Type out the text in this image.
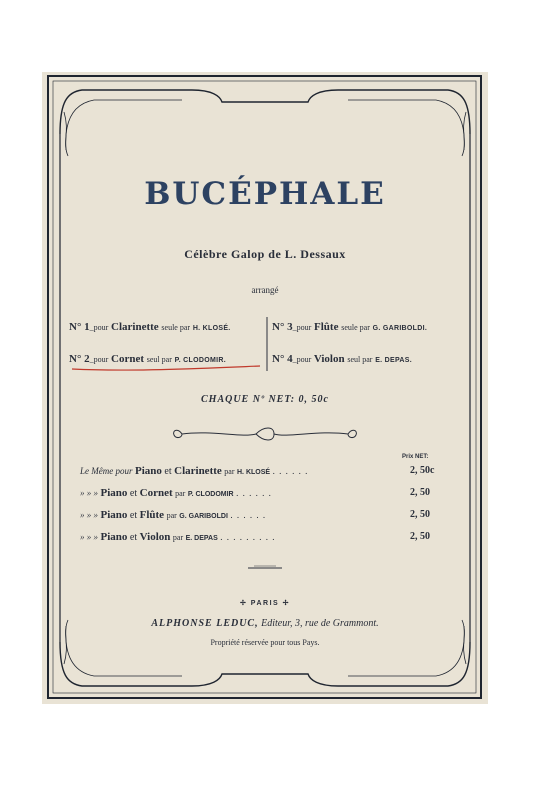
BUCÉPHALE
Célèbre Galop de L. Dessaux
arrangé
N° 1_pour Clarinette seule par H. KLOSÉ.
N° 2_pour Cornet seul par P. CLODOMIR.
N° 3_pour Flûte seule par G. GARIBOLDI.
N° 4_pour Violon seul par E. DEPAS.
CHAQUE Nº NET: 0, 50c
Prix NET:
Le Même pour Piano et Clarinette par H. KLOSÉ . . . . . .	2, 50c
» » » Piano et Cornet par P. CLODOMIR . . . . . .	2, 50
» » » Piano et Flûte par G. GARIBOLDI . . . . . .	2, 50
» » » Piano et Violon par E. DEPAS . . . . . . . . .	2, 50
✢ PARIS ✢
ALPHONSE LEDUC, Editeur, 3, rue de Grammont.
Propriété réservée pour tous Pays.
